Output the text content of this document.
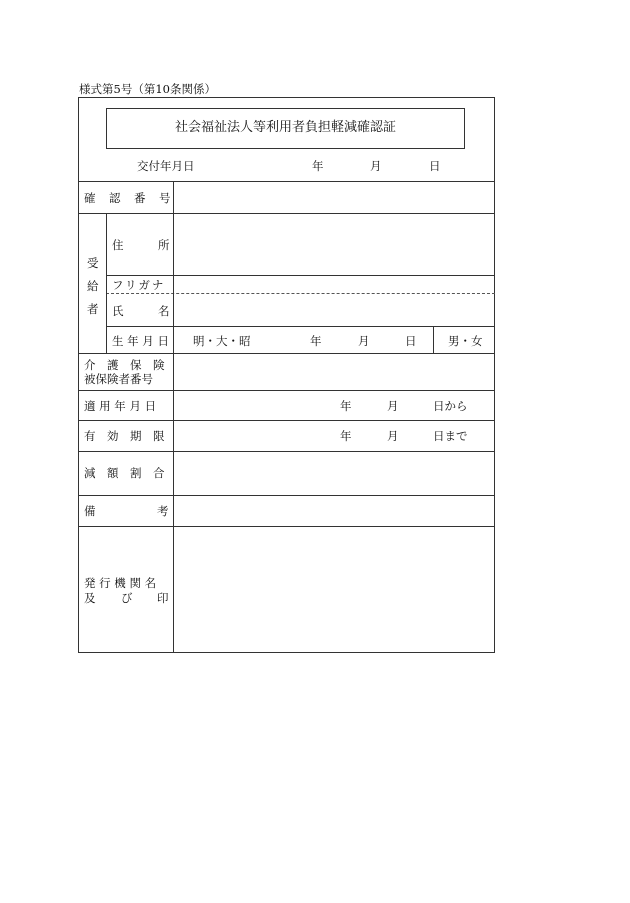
様式第5号（第10条関係）
社会福祉法人等利用者負担軽減確認証
交付年月日	年	月	日
確　認　番　号
受
給
者
住	所
フリガナ
氏	名
生 年 月 日 明・大・昭	年	月	日	男・女
介　護　保　険
被保険者番号
適 用 年 月 日	年	月	日から
有　効　期　限	年	月	日まで
減　額　割　合
備	考
発 行 機 関 名
及 び 印
